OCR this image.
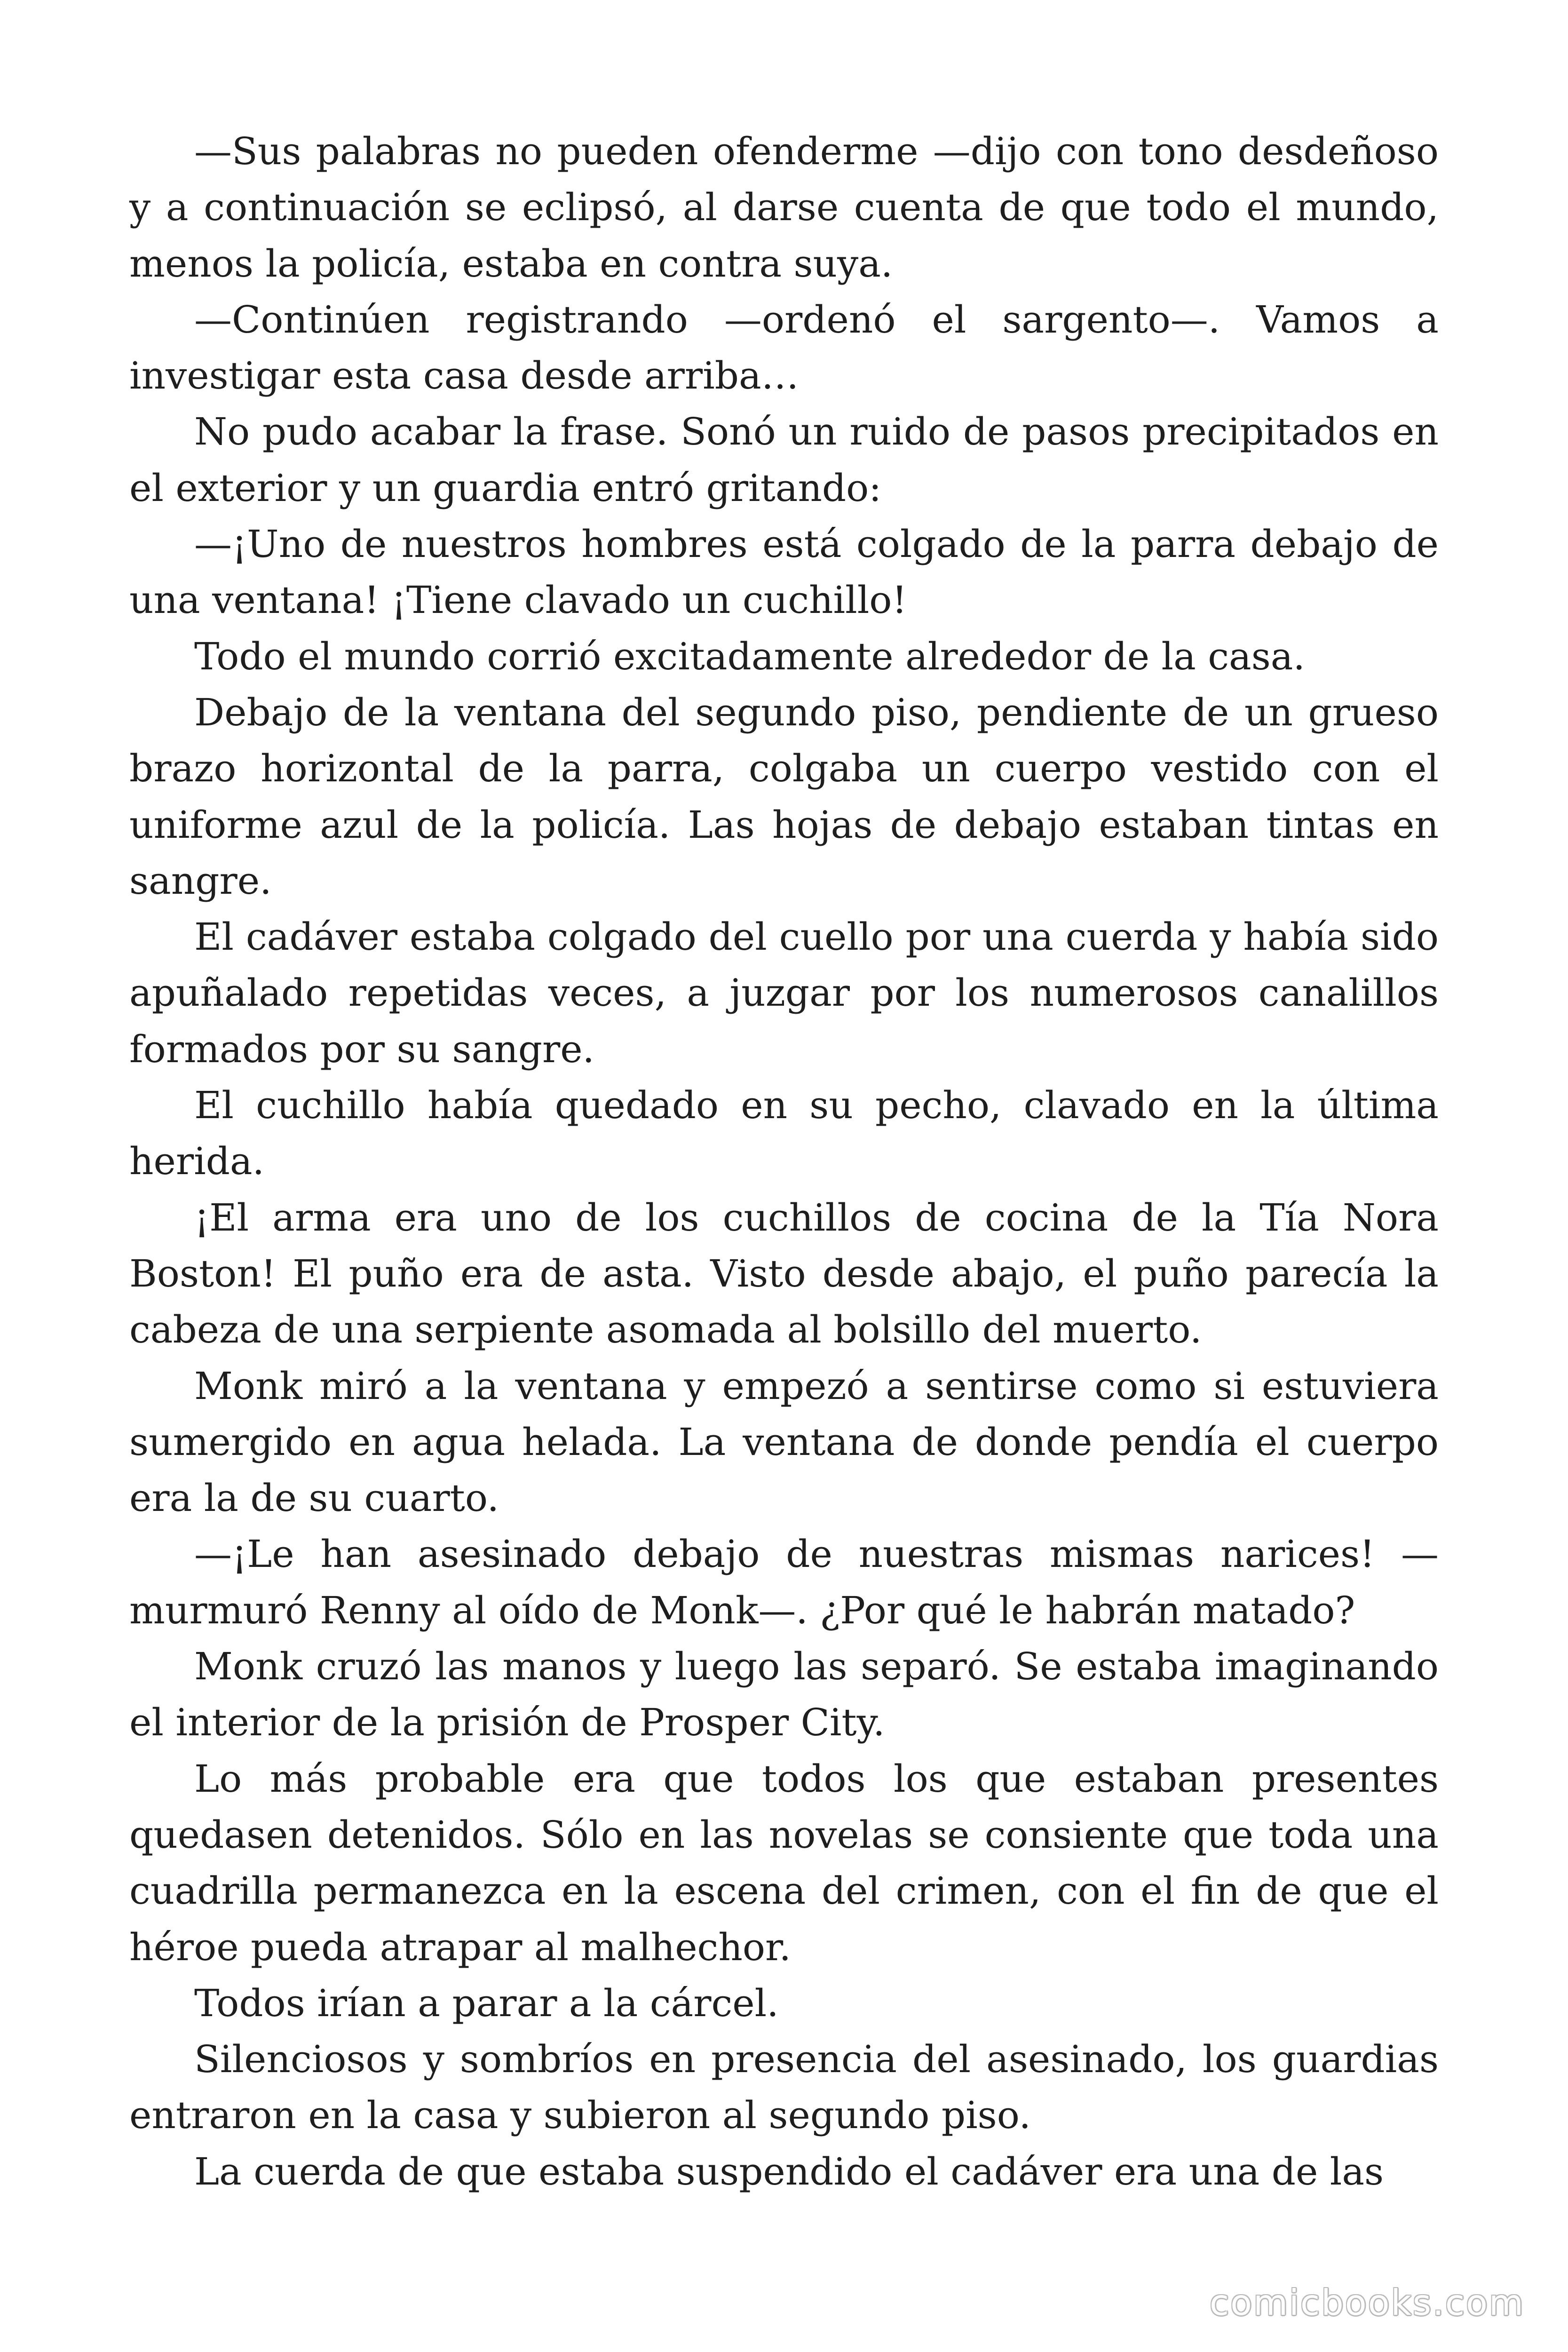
—Sus palabras no pueden ofenderme —dijo con tono desdeñoso y a continuación se eclipsó, al darse cuenta de que todo el mundo, menos la policía, estaba en contra suya.

—Continúen registrando —ordenó el sargento—. Vamos a investigar esta casa desde arriba…

No pudo acabar la frase. Sonó un ruido de pasos precipitados en el exterior y un guardia entró gritando:

—¡Uno de nuestros hombres está colgado de la parra debajo de una ventana! ¡Tiene clavado un cuchillo!

Todo el mundo corrió excitadamente alrededor de la casa.

Debajo de la ventana del segundo piso, pendiente de un grueso brazo horizontal de la parra, colgaba un cuerpo vestido con el uniforme azul de la policía. Las hojas de debajo estaban tintas en sangre.

El cadáver estaba colgado del cuello por una cuerda y había sido apuñalado repetidas veces, a juzgar por los numerosos canalillos formados por su sangre.

El cuchillo había quedado en su pecho, clavado en la última herida.

¡El arma era uno de los cuchillos de cocina de la Tía Nora Boston! El puño era de asta. Visto desde abajo, el puño parecía la cabeza de una serpiente asomada al bolsillo del muerto.

Monk miró a la ventana y empezó a sentirse como si estuviera sumergido en agua helada. La ventana de donde pendía el cuerpo era la de su cuarto.

—¡Le han asesinado debajo de nuestras mismas narices! —murmuró Renny al oído de Monk—. ¿Por qué le habrán matado?

Monk cruzó las manos y luego las separó. Se estaba imaginando el interior de la prisión de Prosper City.

Lo más probable era que todos los que estaban presentes quedasen detenidos. Sólo en las novelas se consiente que toda una cuadrilla permanezca en la escena del crimen, con el fin de que el héroe pueda atrapar al malhechor.

Todos irían a parar a la cárcel.

Silenciosos y sombríos en presencia del asesinado, los guardias entraron en la casa y subieron al segundo piso.

La cuerda de que estaba suspendido el cadáver era una de las

comicbooks.com
